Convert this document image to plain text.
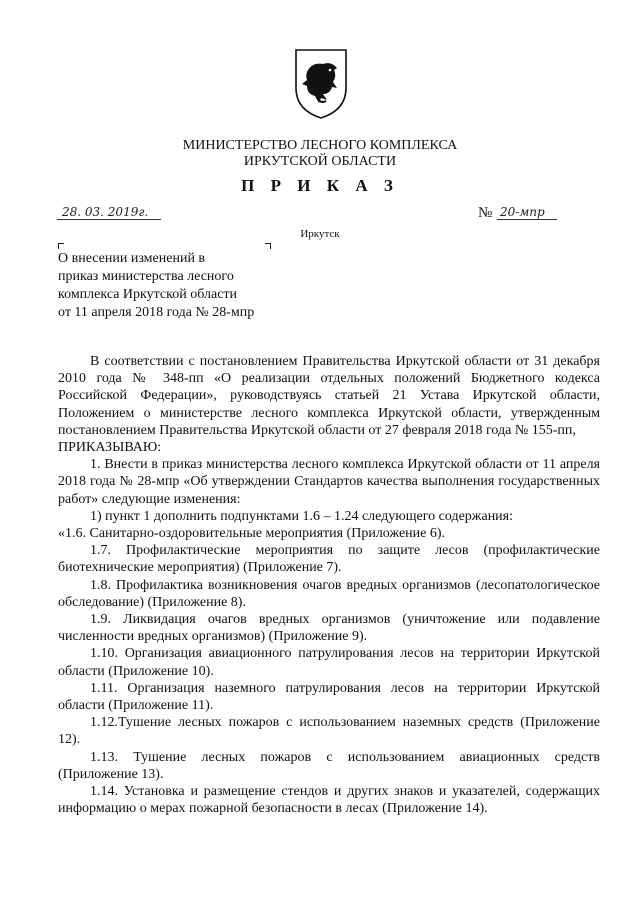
МИНИСТЕРСТВО ЛЕСНОГО КОМПЛЕКСА
ИРКУТСКОЙ ОБЛАСТИ
П Р И К А З
28. 03. 2019г.	№ 20-мпр
Иркутск
О внесении изменений в
приказ министерства лесного
комплекса Иркутской области
от 11 апреля 2018 года № 28-мпр
В соответствии с постановлением Правительства Иркутской области от 31 декабря 2010 года № 348-пп «О реализации отдельных положений Бюджетного кодекса Российской Федерации», руководствуясь статьей 21 Устава Иркутской области, Положением о министерстве лесного комплекса Иркутской области, утвержденным постановлением Правительства Иркутской области от 27 февраля 2018 года № 155-пп,
ПРИКАЗЫВАЮ:
1. Внести в приказ министерства лесного комплекса Иркутской области от 11 апреля 2018 года № 28-мпр «Об утверждении Стандартов качества выполнения государственных работ» следующие изменения:
1) пункт 1 дополнить подпунктами 1.6 – 1.24 следующего содержания:
«1.6. Санитарно-оздоровительные мероприятия (Приложение 6).
1.7. Профилактические мероприятия по защите лесов (профилактические биотехнические мероприятия) (Приложение 7).
1.8. Профилактика возникновения очагов вредных организмов (лесопатологическое обследование) (Приложение 8).
1.9. Ликвидация очагов вредных организмов (уничтожение или подавление численности вредных организмов) (Приложение 9).
1.10. Организация авиационного патрулирования лесов на территории Иркутской области (Приложение 10).
1.11. Организация наземного патрулирования лесов на территории Иркутской области (Приложение 11).
1.12.Тушение лесных пожаров с использованием наземных средств (Приложение 12).
1.13. Тушение лесных пожаров с использованием авиационных средств (Приложение 13).
1.14. Установка и размещение стендов и других знаков и указателей, содержащих информацию о мерах пожарной безопасности в лесах (Приложение 14).
